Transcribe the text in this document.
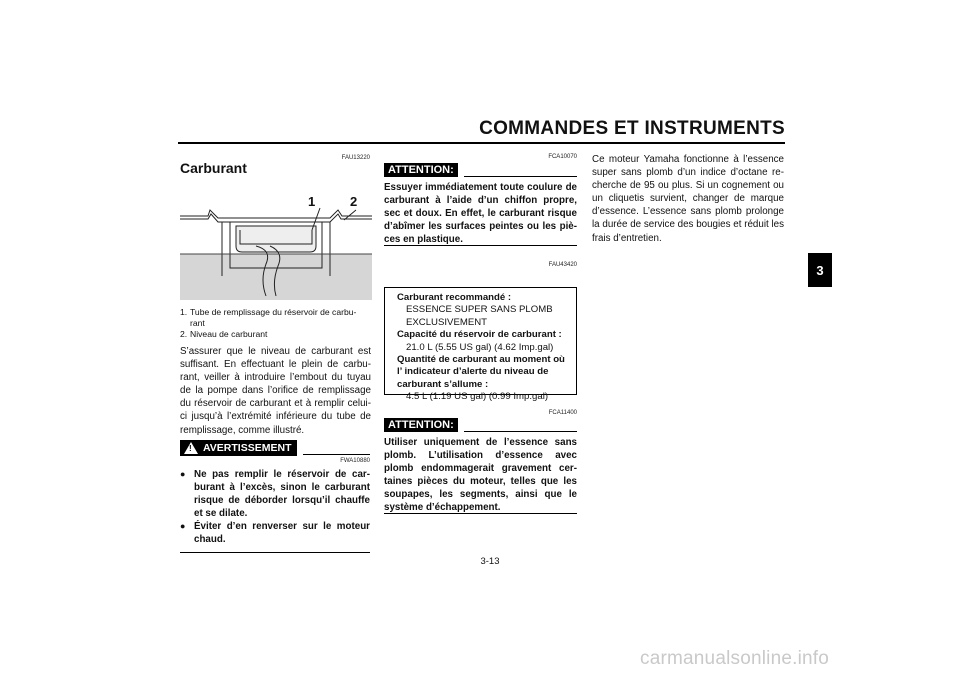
COMMANDES ET INSTRUMENTS
3
FAU13220
Carburant
1	2
1. Tube de remplissage du réservoir de carbu-
rant
2. Niveau de carburant
S’assurer que le niveau de carburant est suffisant. En effectuant le plein de carbu-rant, veiller à introduire l’embout du tuyau de la pompe dans l’orifice de remplissage du réservoir de carburant et à remplir celui-ci jusqu’à l’extrémité inférieure du tube de remplissage, comme illustré.
! AVERTISSEMENT
FWA10880
● Ne pas remplir le réservoir de car-burant à l’excès, sinon le carburant risque de déborder lorsqu’il chauffe et se dilate.
● Éviter d’en renverser sur le moteur chaud.
FCA10070
ATTENTION:
Essuyer immédiatement toute coulure de carburant à l’aide d’un chiffon propre, sec et doux. En effet, le carburant risque d’abîmer les surfaces peintes ou les piè-ces en plastique.
FAU43420
Carburant recommandé :
ESSENCE SUPER SANS PLOMB
EXCLUSIVEMENT
Capacité du réservoir de carburant :
21.0 L (5.55 US gal) (4.62 Imp.gal)
Quantité de carburant au moment où
l’ indicateur d’alerte du niveau de
carburant s’allume :
4.5 L (1.19 US gal) (0.99 Imp.gal)
FCA11400
ATTENTION:
Utiliser uniquement de l’essence sans plomb. L’utilisation d’essence avec plomb endommagerait gravement cer-taines pièces du moteur, telles que les soupapes, les segments, ainsi que le système d’échappement.
Ce moteur Yamaha fonctionne à l’essence super sans plomb d’un indice d’octane re-cherche de 95 ou plus. Si un cognement ou un cliquetis survient, changer de marque d’essence. L’essence sans plomb prolonge la durée de service des bougies et réduit les frais d’entretien.
3-13
carmanualsonline.info
